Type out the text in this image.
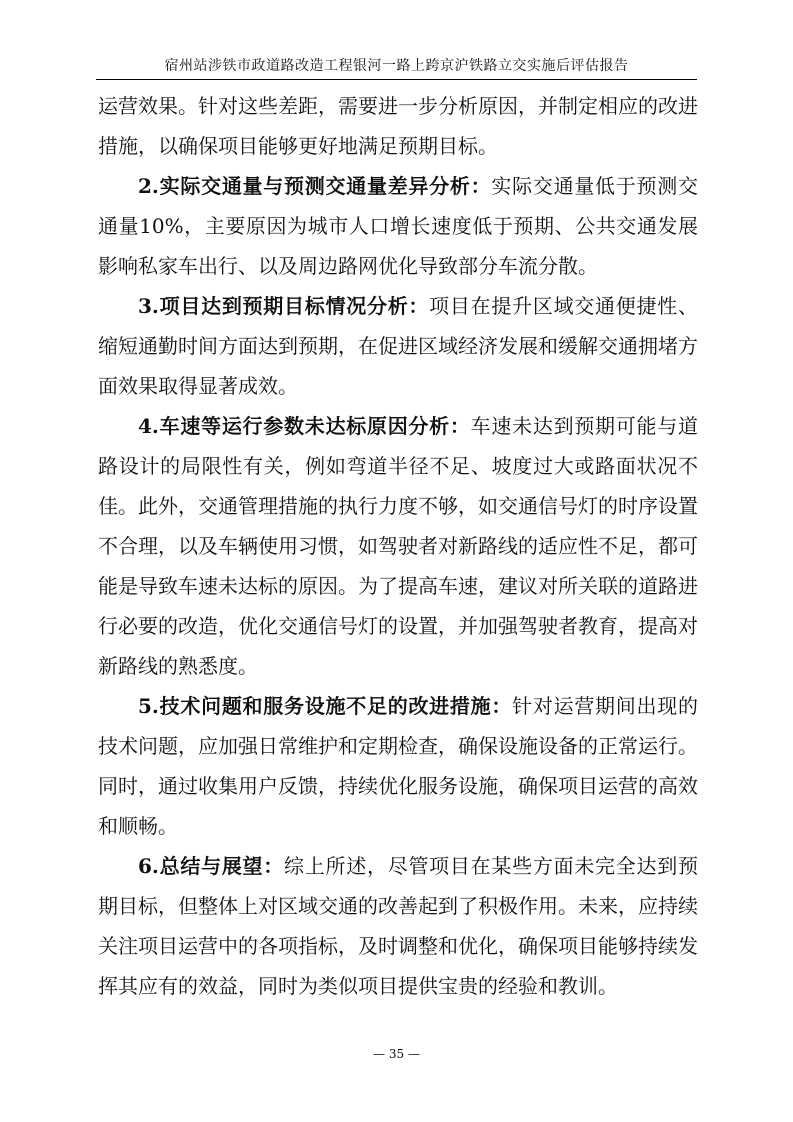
宿州站涉铁市政道路改造工程银河一路上跨京沪铁路立交实施后评估报告

运营效果。针对这些差距，需要进一步分析原因，并制定相应的改进措施，以确保项目能够更好地满足预期目标。

2.实际交通量与预测交通量差异分析：实际交通量低于预测交通量10%，主要原因为城市人口增长速度低于预期、公共交通发展影响私家车出行、以及周边路网优化导致部分车流分散。

3.项目达到预期目标情况分析：项目在提升区域交通便捷性、缩短通勤时间方面达到预期，在促进区域经济发展和缓解交通拥堵方面效果取得显著成效。

4.车速等运行参数未达标原因分析：车速未达到预期可能与道路设计的局限性有关，例如弯道半径不足、坡度过大或路面状况不佳。此外，交通管理措施的执行力度不够，如交通信号灯的时序设置不合理，以及车辆使用习惯，如驾驶者对新路线的适应性不足，都可能是导致车速未达标的原因。为了提高车速，建议对所关联的道路进行必要的改造，优化交通信号灯的设置，并加强驾驶者教育，提高对新路线的熟悉度。

5.技术问题和服务设施不足的改进措施：针对运营期间出现的技术问题，应加强日常维护和定期检查，确保设施设备的正常运行。同时，通过收集用户反馈，持续优化服务设施，确保项目运营的高效和顺畅。

6.总结与展望：综上所述，尽管项目在某些方面未完全达到预期目标，但整体上对区域交通的改善起到了积极作用。未来，应持续关注项目运营中的各项指标，及时调整和优化，确保项目能够持续发挥其应有的效益，同时为类似项目提供宝贵的经验和教训。

— 35 —
